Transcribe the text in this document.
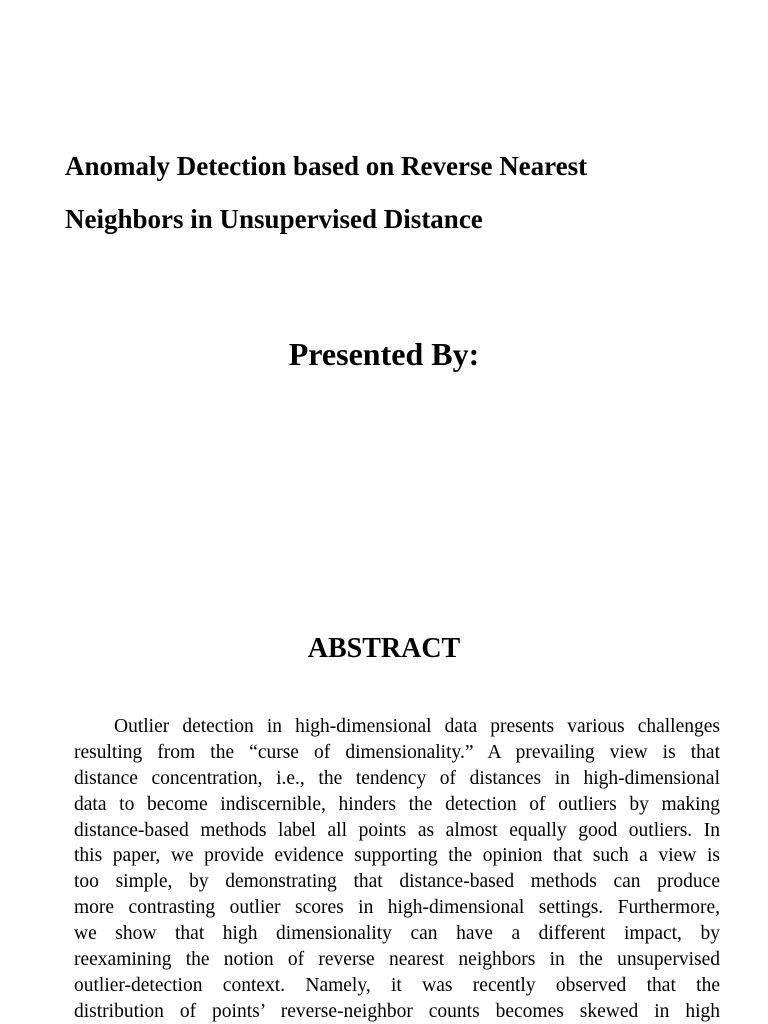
Anomaly Detection based on Reverse Nearest
Neighbors in Unsupervised Distance
Presented By:
ABSTRACT
Outlier detection in high-dimensional data presents various challenges
resulting from the “curse of dimensionality.” A prevailing view is that
distance concentration, i.e., the tendency of distances in high-dimensional
data to become indiscernible, hinders the detection of outliers by making
distance-based methods label all points as almost equally good outliers. In
this paper, we provide evidence supporting the opinion that such a view is
too simple, by demonstrating that distance-based methods can produce
more contrasting outlier scores in high-dimensional settings. Furthermore,
we show that high dimensionality can have a different impact, by
reexamining the notion of reverse nearest neighbors in the unsupervised
outlier-detection context. Namely, it was recently observed that the
distribution of points’ reverse-neighbor counts becomes skewed in high
